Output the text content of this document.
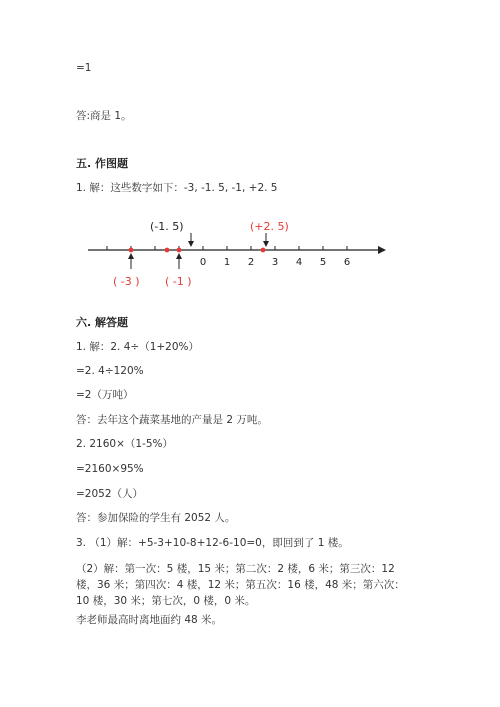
=1
答:商是 1。
五. 作图题
1. 解：这些数字如下：-3, -1. 5, -1, +2. 5
0 1 2 3 4 5 6
(-1. 5)	(+2. 5)
( -3 ) ( -1 )
六. 解答题
1. 解：2. 4÷（1+20%）
=2. 4÷120%
=2（万吨）
答：去年这个蔬菜基地的产量是 2 万吨。
2. 2160×（1-5%）
=2160×95%
=2052（人）
答：参加保险的学生有 2052 人。
3. （1）解：+5-3+10-8+12-6-10=0，即回到了 1 楼。
（2）解：第一次：5 楼，15 米；第二次：2 楼，6 米；第三次：12 楼，36 米；第四次：4 楼，12 米；第五次：16 楼，48 米；第六次：10 楼，30 米；第七次，0 楼，0 米。
李老师最高时离地面约 48 米。
